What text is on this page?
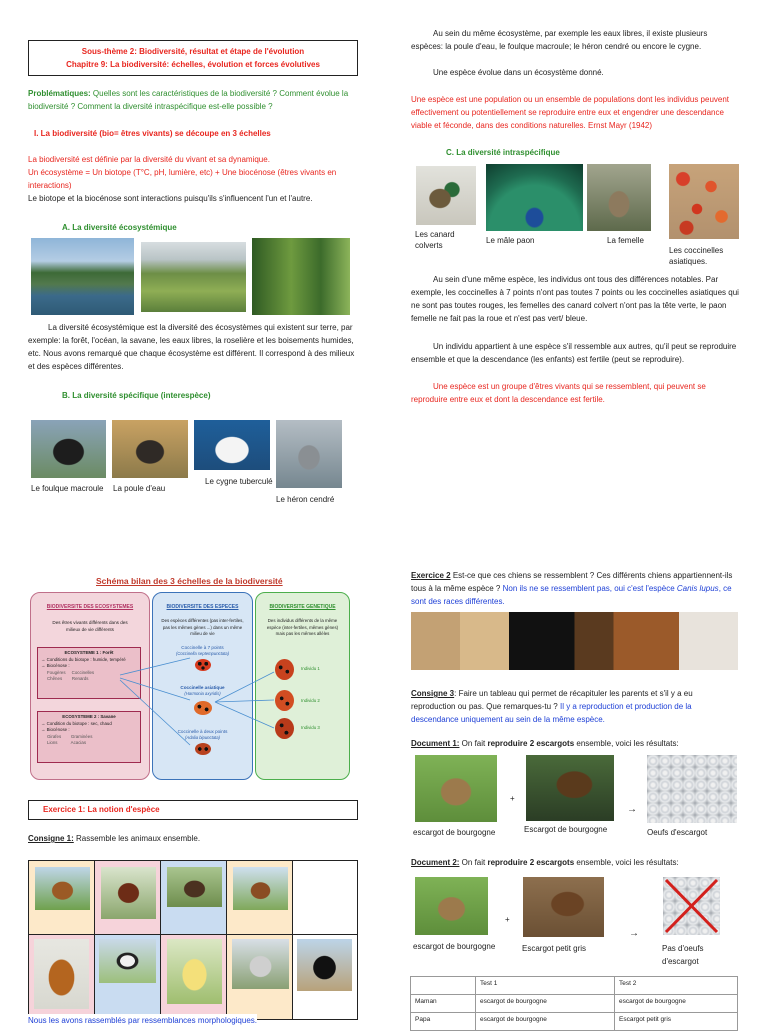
Sous-thème 2: Biodiversité, résultat et étape de l'évolution

Chapitre 9: La biodiversité: échelles, évolution et forces évolutives

Problématiques: Quelles sont les caractéristiques de la biodiversité ? Comment évolue la biodiversité ? Comment la diversité intraspécifique est-elle possible ?

I. La biodiversité (bio= êtres vivants) se découpe en 3 échelles

La biodiversité est définie par la diversité du vivant et sa dynamique.

Un écosystème = Un biotope (T°C, pH, lumière, etc) + Une biocénose (êtres vivants en interactions)

Le biotope et la biocénose sont interactions puisqu'ils s'influencent l'un et l'autre.

A. La diversité écosystémique

La diversité écosystémique est la diversité des écosystèmes qui existent sur terre, par exemple: la forêt, l'océan, la savane, les eaux libres, la roselière et les boisements humides, etc. Nous avons remarqué que chaque écosystème est différent. Il correspond à des milieux et des espèces différentes.

B. La diversité spécifique (interespèce)

Le foulque macroule La poule d'eau
Le cygne tuberculé
Le héron cendré

Au sein du même écosystème, par exemple les eaux libres, il existe plusieurs espèces: la poule d'eau, le foulque macroule; le héron cendré ou encore le cygne.

Une espèce évolue dans un écosystème donné.

Une espèce est une population ou un ensemble de populations dont les individus peuvent effectivement ou potentiellement se reproduire entre eux et engendrer une descendance viable et féconde, dans des conditions naturelles. Ernst Mayr (1942)

C. La diversité intraspécifique

Les canard colverts
Le mâle paon	La femelle
Les coccinelles asiatiques.

Au sein d'une même espèce, les individus ont tous des différences notables. Par exemple, les coccinelles à 7 points n'ont pas toutes 7 points ou les coccinelles asiatiques qui ne sont pas toutes rouges, les femelles des canard colvert n'ont pas la tête verte, le paon femelle ne fait pas la roue et n'est pas vert/ bleue.

Un individu appartient à une espèce s'il ressemble aux autres, qu'il peut se reproduire ensemble et que la descendance (les enfants) est fertile (peut se reproduire).

Une espèce est un groupe d'êtres vivants qui se ressemblent, qui peuvent se reproduire entre eux et dont la descendance est fertile.

Schéma bilan des 3 échelles de la biodiversité

BIODIVERSITE DES ECOSYSTEMES

Des êtres vivants différents dans des milieux de vie différents

ECOSYSTEME 1 : Forêt
→ Conditions du biotope : humide, tempéré
→ Biocénose :
Fougères     Coccinelles
Chênes        Renards
ECOSYSTEME 2 : Savane
→ Condition du biotope : sec, chaud
→ Biocénose :
Girafes        Graminées
Lions           Acacias

BIODIVERSITE DES ESPECES

Des espèces différentes (pas inter-fertiles, pas les mêmes gènes ...) dans un même milieu de vie

Coccinelle à 7 points

(Coccinella septempunctata)

Coccinelle asiatique

(Harmonia axyridis)

Coccinelle à deux points

(Adalia bipunctata)

BIODIVERSITE GENETIQUE

Des individus différents de la même espèce (inter-fertiles, mêmes gènes) mais pas les mêmes allèles

Individu 1

Individu 2

Individu 3

Exercice 1: La notion d'espèce

Consigne 1: Rassemble les animaux ensemble.

Nous les avons rassemblés par ressemblances morphologiques.

Exercice 2 Est-ce que ces chiens se ressemblent ? Ces différents chiens appartiennent-ils tous à la même espèce ? Non ils ne se ressemblent pas, oui c'est l'espèce Canis lupus, ce sont des races différentes.

Consigne 3: Faire un tableau qui permet de récapituler les parents et s'il y a eu reproduction ou pas. Que remarques-tu ? Il y a reproduction et production de la descendance uniquement au sein de la même espèce.

Document 1: On fait reproduire 2 escargots ensemble, voici les résultats:

+
→
escargot de bourgogne	Escargot de bourgogne	Oeufs d'escargot

Document 2: On fait reproduire 2 escargots ensemble, voici les résultats:

+
→
escargot de bourgogne	Escargot petit gris	Pas d'oeufs d'escargot
	Test 1	Test 2
Maman	escargot de bourgogne	escargot de bourgogne
Papa	escargot de bourgogne	Escargot petit gris
